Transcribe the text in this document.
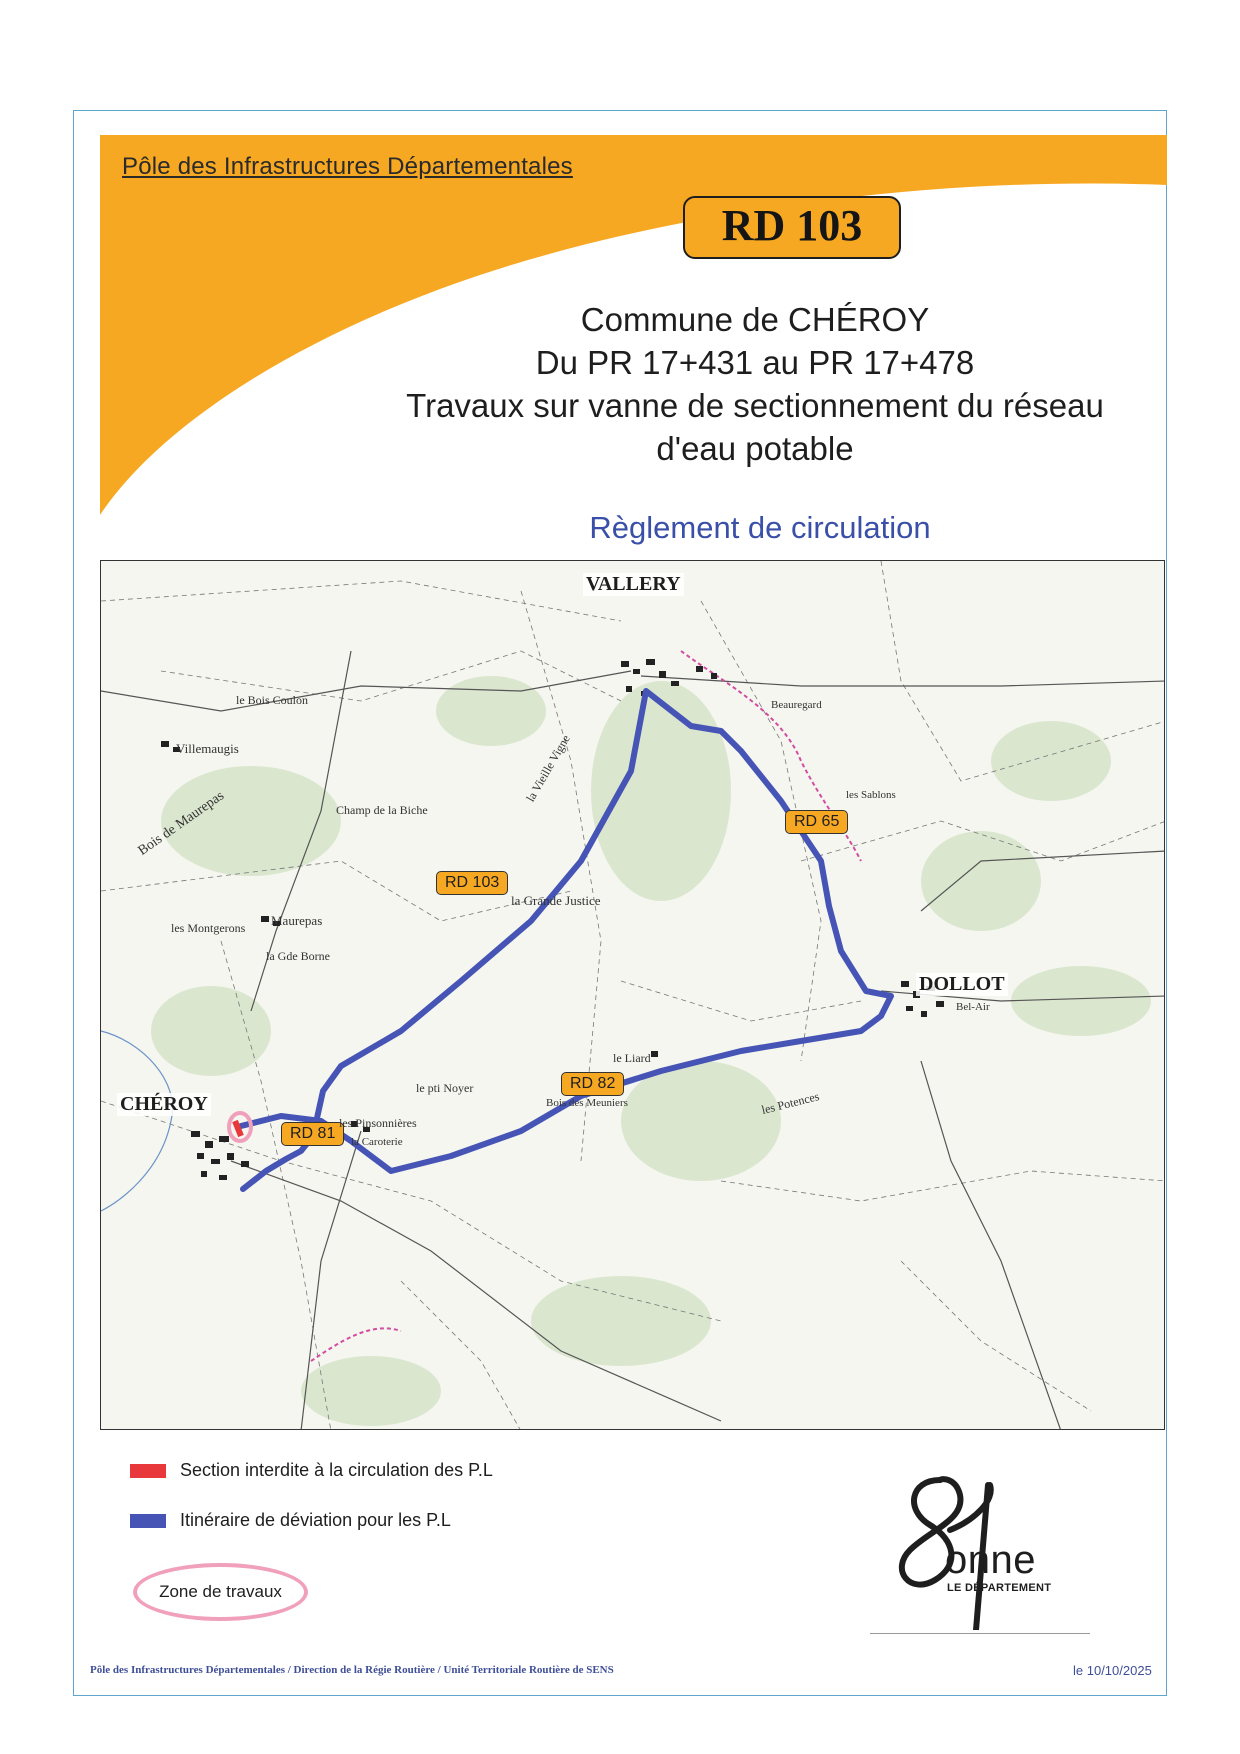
Pôle des Infrastructures Départementales
RD 103
Commune de CHÉROY
Du PR 17+431 au PR 17+478
Travaux sur vanne de sectionnement du réseau
d'eau potable
Règlement de circulation
VALLERY
DOLLOT
CHÉROY
RD 103
RD 65
RD 82
RD 81
Villemaugis
Maurepas
Bois de Maurepas
la Grande Justice
le Liard
les Pinsonnières
les Potences
la Vieille Vigne
Champ de la Biche
le Bois Coulon
les Montgerons
la Gde Borne
le pti Noyer
Bois des Meuniers
Beauregard
les Sablons
Bel-Air
la Caroterie
Section interdite à la circulation des P.L
Itinéraire de déviation pour les P.L
Zone de travaux
onne
LE DÉPARTEMENT
Pôle des Infrastructures Départementales / Direction de la Régie Routière / Unité Territoriale Routière de SENS	le 10/10/2025
